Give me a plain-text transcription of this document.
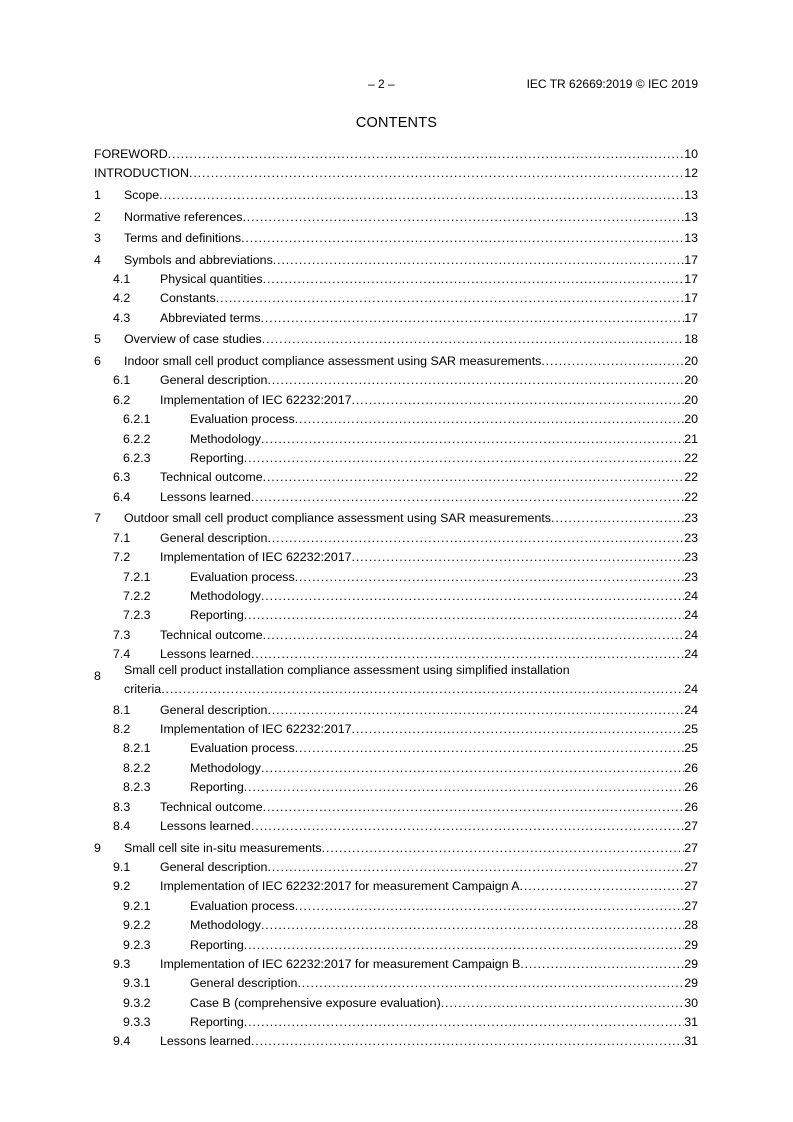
– 2 –	IEC TR 62669:2019 © IEC 2019
CONTENTS
FOREWORD .....	10
INTRODUCTION .....	12
1 Scope .....	13
2 Normative references .....	13
3 Terms and definitions .....	13
4 Symbols and abbreviations .....	17
4.1 Physical quantities .....	17
4.2 Constants .....	17
4.3 Abbreviated terms .....	17
5 Overview of case studies .....	18
6 Indoor small cell product compliance assessment using SAR measurements .....	20
6.1 General description .....	20
6.2 Implementation of IEC 62232:2017 .....	20
6.2.1	Evaluation process .....	20
6.2.2	Methodology .....	21
6.2.3	Reporting .....	22
6.3 Technical outcome .....	22
6.4 Lessons learned .....	22
7 Outdoor small cell product compliance assessment using SAR measurements .....	23
7.1 General description .....	23
7.2 Implementation of IEC 62232:2017 .....	23
7.2.1	Evaluation process .....	23
7.2.2	Methodology .....	24
7.2.3	Reporting .....	24
7.3 Technical outcome .....	24
7.4 Lessons learned .....	24
8 Small cell product installation compliance assessment using simplified installation
criteria .....	24
8.1 General description .....	24
8.2 Implementation of IEC 62232:2017 .....	25
8.2.1	Evaluation process .....	25
8.2.2	Methodology .....	26
8.2.3	Reporting .....	26
8.3 Technical outcome .....	26
8.4 Lessons learned .....	27
9 Small cell site in-situ measurements .....	27
9.1 General description .....	27
9.2 Implementation of IEC 62232:2017 for measurement Campaign A .....	27
9.2.1	Evaluation process .....	27
9.2.2	Methodology .....	28
9.2.3	Reporting .....	29
9.3 Implementation of IEC 62232:2017 for measurement Campaign B .....	29
9.3.1	General description .....	29
9.3.2	Case B (comprehensive exposure evaluation) .....	30
9.3.3	Reporting .....	31
9.4 Lessons learned .....	31
